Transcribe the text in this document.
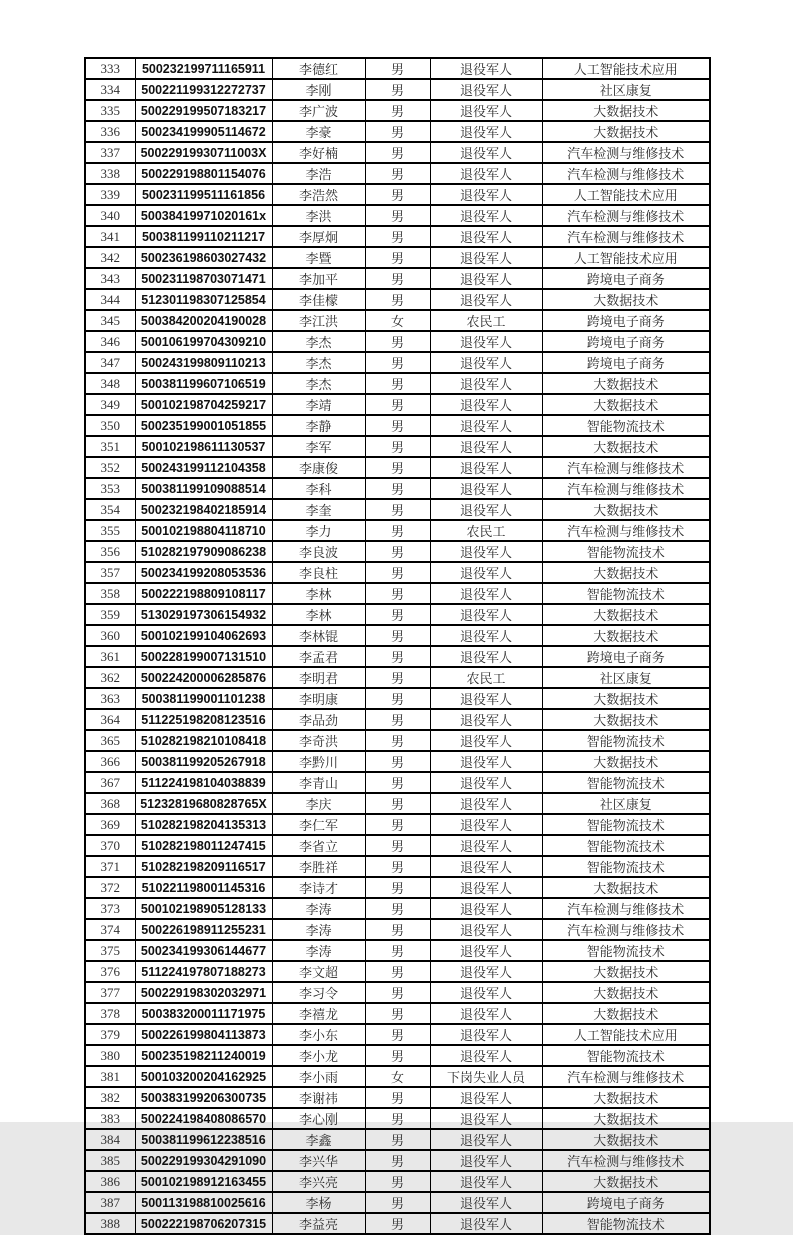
333	500232199711165911	李德红	男	退役军人	人工智能技术应用
334	500221199312272737	李刚	男	退役军人	社区康复
335	500229199507183217	李广波	男	退役军人	大数据技术
336	500234199905114672	李豪	男	退役军人	大数据技术
337	50022919930711003X	李好楠	男	退役军人	汽车检测与维修技术
338	500229198801154076	李浩	男	退役军人	汽车检测与维修技术
339	500231199511161856	李浩然	男	退役军人	人工智能技术应用
340	50038419971020161x	李洪	男	退役军人	汽车检测与维修技术
341	500381199110211217	李厚炯	男	退役军人	汽车检测与维修技术
342	500236198603027432	李暨	男	退役军人	人工智能技术应用
343	500231198703071471	李加平	男	退役军人	跨境电子商务
344	512301198307125854	李佳檬	男	退役军人	大数据技术
345	500384200204190028	李江洪	女	农民工	跨境电子商务
346	500106199704309210	李杰	男	退役军人	跨境电子商务
347	500243199809110213	李杰	男	退役军人	跨境电子商务
348	500381199607106519	李杰	男	退役军人	大数据技术
349	500102198704259217	李靖	男	退役军人	大数据技术
350	500235199001051855	李静	男	退役军人	智能物流技术
351	500102198611130537	李军	男	退役军人	大数据技术
352	500243199112104358	李康俊	男	退役军人	汽车检测与维修技术
353	500381199109088514	李科	男	退役军人	汽车检测与维修技术
354	500232198402185914	李奎	男	退役军人	大数据技术
355	500102198804118710	李力	男	农民工	汽车检测与维修技术
356	510282197909086238	李良波	男	退役军人	智能物流技术
357	500234199208053536	李良柱	男	退役军人	大数据技术
358	500222198809108117	李林	男	退役军人	智能物流技术
359	513029197306154932	李林	男	退役军人	大数据技术
360	500102199104062693	李林锟	男	退役军人	大数据技术
361	500228199007131510	李孟君	男	退役军人	跨境电子商务
362	500224200006285876	李明君	男	农民工	社区康复
363	500381199001101238	李明康	男	退役军人	大数据技术
364	511225198208123516	李品劲	男	退役军人	大数据技术
365	510282198210108418	李奇洪	男	退役军人	智能物流技术
366	500381199205267918	李黔川	男	退役军人	大数据技术
367	511224198104038839	李青山	男	退役军人	智能物流技术
368	51232819680828765X	李庆	男	退役军人	社区康复
369	510282198204135313	李仁军	男	退役军人	智能物流技术
370	510282198011247415	李省立	男	退役军人	智能物流技术
371	510282198209116517	李胜祥	男	退役军人	智能物流技术
372	510221198001145316	李诗才	男	退役军人	大数据技术
373	500102198905128133	李涛	男	退役军人	汽车检测与维修技术
374	500226198911255231	李涛	男	退役军人	汽车检测与维修技术
375	500234199306144677	李涛	男	退役军人	智能物流技术
376	511224197807188273	李文超	男	退役军人	大数据技术
377	500229198302032971	李习令	男	退役军人	大数据技术
378	500383200011171975	李禧龙	男	退役军人	大数据技术
379	500226199804113873	李小东	男	退役军人	人工智能技术应用
380	500235198211240019	李小龙	男	退役军人	智能物流技术
381	500103200204162925	李小雨	女	下岗失业人员	汽车检测与维修技术
382	500383199206300735	李谢祎	男	退役军人	大数据技术
383	500224198408086570	李心刚	男	退役军人	大数据技术
384	500381199612238516	李鑫	男	退役军人	大数据技术
385	500229199304291090	李兴华	男	退役军人	汽车检测与维修技术
386	500102198912163455	李兴亮	男	退役军人	大数据技术
387	500113198810025616	李杨	男	退役军人	跨境电子商务
388	500222198706207315	李益亮	男	退役军人	智能物流技术
